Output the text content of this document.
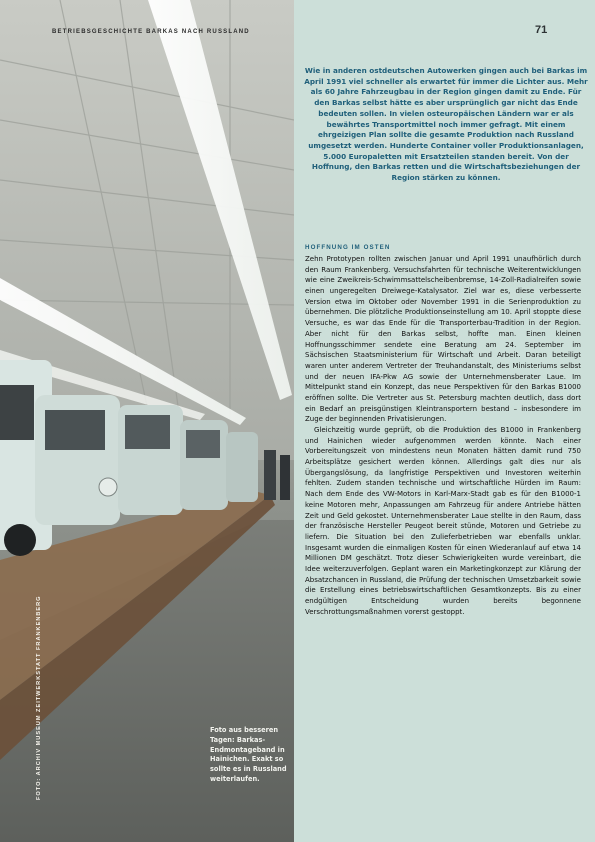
BETRIEBSGESCHICHTE BARKAS NACH RUSSLAND
Foto aus besseren Tagen: Barkas-Endmontageband in Hainichen. Exakt so sollte es in Russland weiterlaufen.
FOTO: ARCHIV MUSEUM ZEITWERKSTATT FRANKENBERG
71
Wie in anderen ostdeutschen Autowerken gingen auch bei Barkas im April 1991 viel schneller als erwartet für immer die Lichter aus. Mehr als 60 Jahre Fahrzeugbau in der Region gingen damit zu Ende. Für den Barkas selbst hätte es aber ursprünglich gar nicht das Ende bedeuten sollen. In vielen osteuropäischen Ländern war er als bewährtes Transportmittel noch immer gefragt. Mit einem ehrgeizigen Plan sollte die gesamte Produktion nach Russland umgesetzt werden. Hunderte Container voller Produktionsanlagen, 5.000 Europaletten mit Ersatzteilen standen bereit. Von der Hoffnung, den Barkas retten und die Wirtschaftsbeziehungen der Region stärken zu können.
HOFFNUNG IM OSTEN

Zehn Prototypen rollten zwischen Januar und April 1991 unaufhörlich durch den Raum Frankenberg. Versuchsfahrten für technische Weiterentwicklungen wie eine Zweikreis-Schwimmsattelscheibenbremse, 14-Zoll-Radialreifen sowie einen ungeregelten Dreiwege-Katalysator. Ziel war es, diese verbesserte Version etwa im Oktober oder November 1991 in die Serienproduktion zu übernehmen. Die plötzliche Produktionseinstellung am 10. April stoppte diese Versuche, es war das Ende für die Transporterbau-Tradition in der Region. Aber nicht für den Barkas selbst, hoffte man. Einen kleinen Hoffnungsschimmer sendete eine Beratung am 24. September im Sächsischen Staatsministerium für Wirtschaft und Arbeit. Daran beteiligt waren unter anderem Vertreter der Treuhandanstalt, des Ministeriums selbst und der neuen IFA-Pkw AG sowie der Unternehmensberater Laue. Im Mittelpunkt stand ein Konzept, das neue Perspektiven für den Barkas B1000 eröffnen sollte. Die Vertreter aus St. Petersburg machten deutlich, dass dort ein Bedarf an preisgünstigen Kleintransportern bestand – insbesondere im Zuge der beginnenden Privatisierungen.

Gleichzeitig wurde geprüft, ob die Produktion des B1000 in Frankenberg und Hainichen wieder aufgenommen werden könnte. Nach einer Vorbereitungszeit von mindestens neun Monaten hätten damit rund 750 Arbeitsplätze gesichert werden können. Allerdings galt dies nur als Übergangslösung, da langfristige Perspektiven und Investoren weiterhin fehlten. Zudem standen technische und wirtschaftliche Hürden im Raum: Nach dem Ende des VW-Motors in Karl-Marx-Stadt gab es für den B1000-1 keine Motoren mehr, Anpassungen am Fahrzeug für andere Antriebe hätten Zeit und Geld gekostet. Unternehmensberater Laue stellte in den Raum, dass der französische Hersteller Peugeot bereit stünde, Motoren und Getriebe zu liefern. Die Situation bei den Zulieferbetrieben war ebenfalls unklar. Insgesamt wurden die einmaligen Kosten für einen Wiederanlauf auf etwa 14 Millionen DM geschätzt. Trotz dieser Schwierigkeiten wurde vereinbart, die Idee weiterzuverfolgen. Geplant waren ein Marketingkonzept zur Klärung der Absatzchancen in Russland, die Prüfung der technischen Umsetzbarkeit sowie die Erstellung eines betriebswirtschaftlichen Gesamtkonzepts. Bis zu einer endgültigen Entscheidung wurden bereits begonnene Verschrottungsmaßnahmen vorerst gestoppt.
